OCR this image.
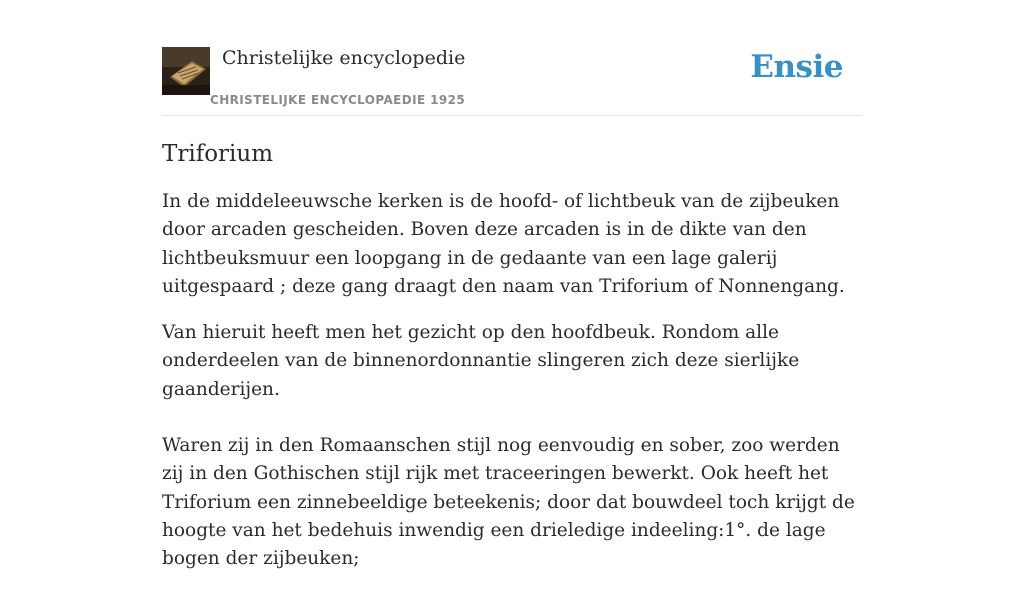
Christelijke encyclopedie
CHRISTELIJKE ENCYCLOPAEDIE 1925
Ensie
Triforium

In de middeleeuwsche kerken is de hoofd- of lichtbeuk van de zijbeuken door arcaden gescheiden. Boven deze arcaden is in de dikte van den lichtbeuksmuur een loopgang in de gedaante van een lage galerij uitgespaard ; deze gang draagt den naam van Triforium of Nonnengang.

Van hieruit heeft men het gezicht op den hoofdbeuk. Rondom alle onderdeelen van de binnenordonnantie slingeren zich deze sierlijke gaanderijen.

Waren zij in den Romaanschen stijl nog eenvoudig en sober, zoo werden zij in den Gothischen stijl rijk met traceeringen bewerkt. Ook heeft het Triforium een zinnebeeldige beteekenis; door dat bouwdeel toch krijgt de hoogte van het bedehuis inwendig een drieledige indeeling:1°. de lage bogen der zijbeuken;
